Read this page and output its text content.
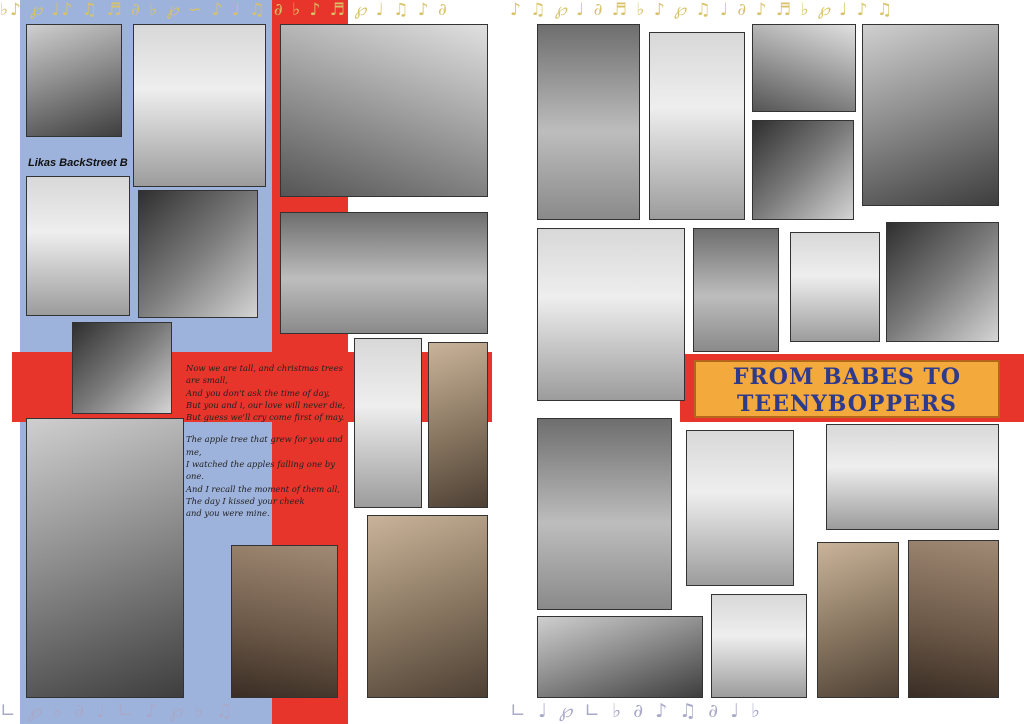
♭♪ ℘ ♩♪ ♫ ♬ ∂ ♭ ℘ ∽ ♪ ♩ ♫ ∂ ♭ ♪ ♬ ℘ ♩ ♫ ♪ ∂	♪ ♫ ℘ ♩ ∂ ♬ ♭ ♪ ℘ ♫ ♩ ∂ ♪ ♬ ♭ ℘ ♩ ♪ ♫
∟ ℘ ♭ ∂ ♩ ∟ ♪ ℘ ♭ ♫	∟ ♩ ℘ ∟ ♭ ∂ ♪ ♫ ∂ ♩ ♭
Likas BackStreet B

Now we are tall, and christmas trees are small,

And you don't ask the time of day,

But you and i, our love will never die,

But guess we'll cry come first of may.

The apple tree that grew for you and me,

I watched the apples falling one by one.

And I recall the moment of them all,

The day I kissed your cheek

and you were mine.

FROM BABES TO
TEENYBOPPERS
